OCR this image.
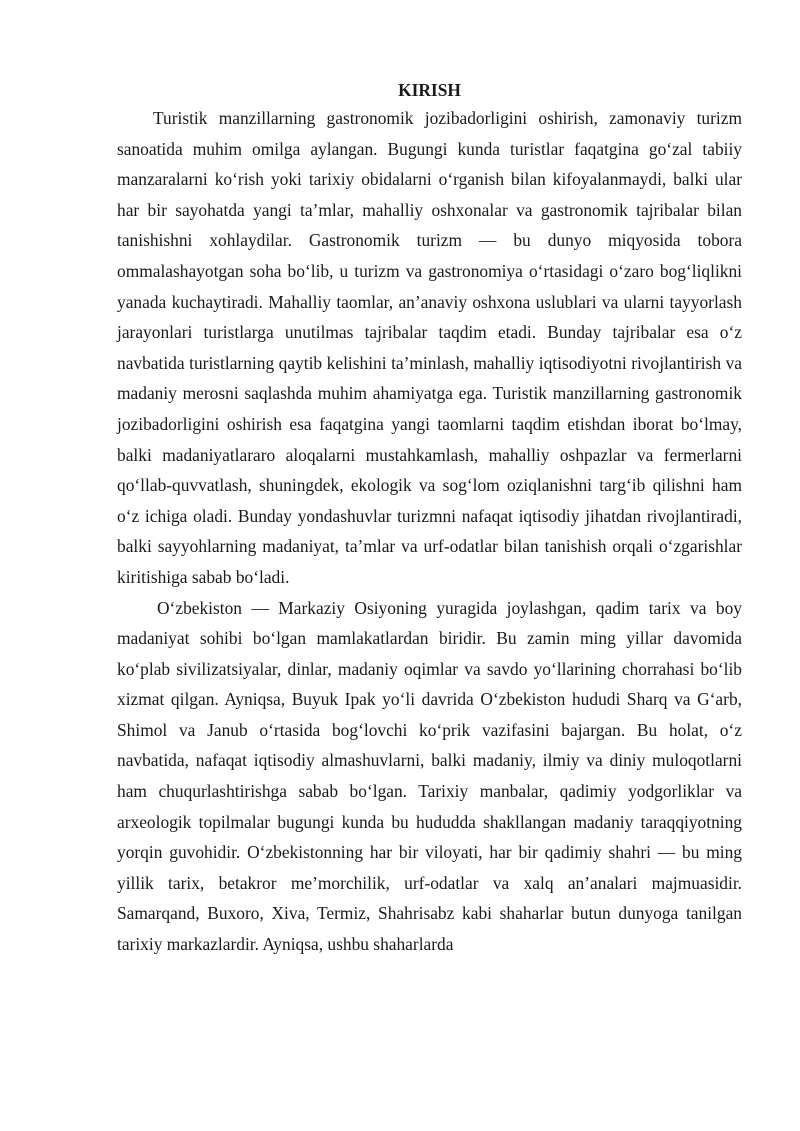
KIRISH

Turistik manzillarning gastronomik jozibadorligini oshirish, zamonaviy turizm sanoatida muhim omilga aylangan. Bugungi kunda turistlar faqatgina go‘zal tabiiy manzaralarni ko‘rish yoki tarixiy obidalarni o‘rganish bilan kifoyalanmaydi, balki ular har bir sayohatda yangi ta’mlar, mahalliy oshxonalar va gastronomik tajribalar bilan tanishishni xohlaydilar. Gastronomik turizm — bu dunyo miqyosida tobora ommalashayotgan soha bo‘lib, u turizm va gastronomiya o‘rtasidagi o‘zaro bog‘liqlikni yanada kuchaytiradi. Mahalliy taomlar, an’anaviy oshxona uslublari va ularni tayyorlash jarayonlari turistlarga unutilmas tajribalar taqdim etadi. Bunday tajribalar esa o‘z navbatida turistlarning qaytib kelishini ta’minlash, mahalliy iqtisodiyotni rivojlantirish va madaniy merosni saqlashda muhim ahamiyatga ega. Turistik manzillarning gastronomik jozibadorligini oshirish esa faqatgina yangi taomlarni taqdim etishdan iborat bo‘lmay, balki madaniyatlararo aloqalarni mustahkamlash, mahalliy oshpazlar va fermerlarni qo‘llab-quvvatlash, shuningdek, ekologik va sog‘lom oziqlanishni targ‘ib qilishni ham o‘z ichiga oladi. Bunday yondashuvlar turizmni nafaqat iqtisodiy jihatdan rivojlantiradi, balki sayyohlarning madaniyat, ta’mlar va urf-odatlar bilan tanishish orqali o‘zgarishlar kiritishiga sabab bo‘ladi.

O‘zbekiston — Markaziy Osiyoning yuragida joylashgan, qadim tarix va boy madaniyat sohibi bo‘lgan mamlakatlardan biridir. Bu zamin ming yillar davomida ko‘plab sivilizatsiyalar, dinlar, madaniy oqimlar va savdo yo‘llarining chorrahasi bo‘lib xizmat qilgan. Ayniqsa, Buyuk Ipak yo‘li davrida O‘zbekiston hududi Sharq va G‘arb, Shimol va Janub o‘rtasida bog‘lovchi ko‘prik vazifasini bajargan. Bu holat, o‘z navbatida, nafaqat iqtisodiy almashuvlarni, balki madaniy, ilmiy va diniy muloqotlarni ham chuqurlashtirishga sabab bo‘lgan. Tarixiy manbalar, qadimiy yodgorliklar va arxeologik topilmalar bugungi kunda bu hududda shakllangan madaniy taraqqiyotning yorqin guvohidir. O‘zbekistonning har bir viloyati, har bir qadimiy shahri — bu ming yillik tarix, betakror me’morchilik, urf-odatlar va xalq an’analari majmuasidir. Samarqand, Buxoro, Xiva, Termiz, Shahrisabz kabi shaharlar butun dunyoga tanilgan tarixiy markazlardir. Ayniqsa, ushbu shaharlarda
